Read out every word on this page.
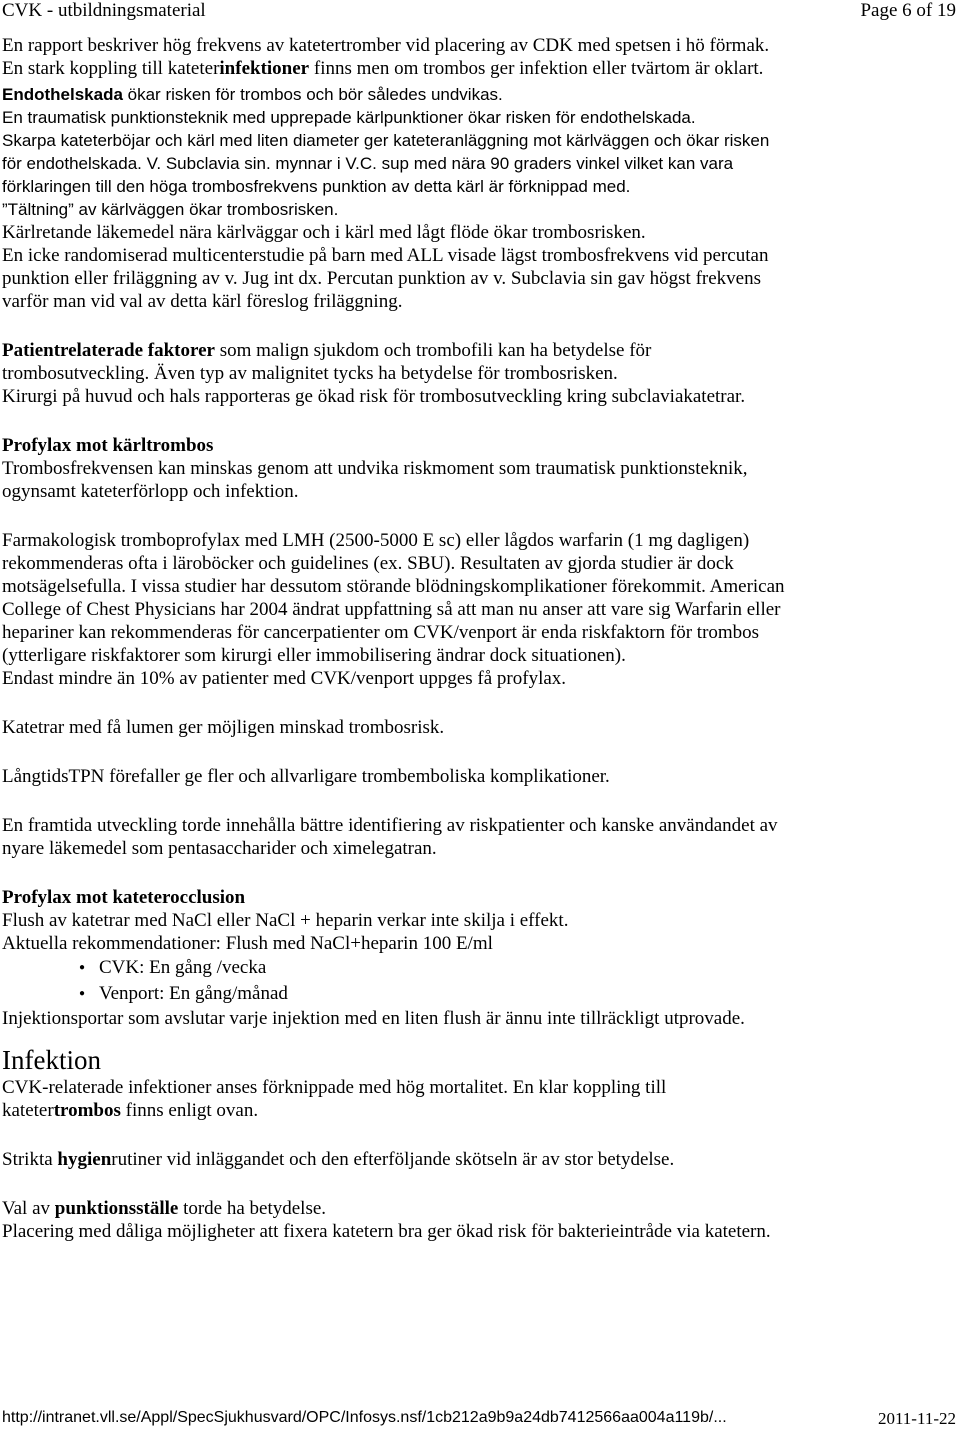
CVK - utbildningsmaterial	Page 6 of 19
En rapport beskriver hög frekvens av katetertromber vid placering av CDK med spetsen i hö förmak.
En stark koppling till kateterinfektioner finns men om trombos ger infektion eller tvärtom är oklart.
Endothelskada ökar risken för trombos och bör således undvikas.
En traumatisk punktionsteknik med upprepade kärlpunktioner ökar risken för endothelskada.
Skarpa kateterböjar och kärl med liten diameter ger kateteranläggning mot kärlväggen och ökar risken
för endothelskada. V. Subclavia sin. mynnar i V.C. sup med nära 90 graders vinkel vilket kan vara
förklaringen till den höga trombosfrekvens punktion av detta kärl är förknippad med.
”Tältning” av kärlväggen ökar trombosrisken.
Kärlretande läkemedel nära kärlväggar och i kärl med lågt flöde ökar trombosrisken.
En icke randomiserad multicenterstudie på barn med ALL visade lägst trombosfrekvens vid percutan
punktion eller friläggning av v. Jug int dx. Percutan punktion av v. Subclavia sin gav högst frekvens
varför man vid val av detta kärl föreslog friläggning.
Patientrelaterade faktorer som malign sjukdom och trombofili kan ha betydelse för
trombosutveckling. Även typ av malignitet tycks ha betydelse för trombosrisken.
Kirurgi på huvud och hals rapporteras ge ökad risk för trombosutveckling kring subclaviakatetrar.
Profylax mot kärltrombos
Trombosfrekvensen kan minskas genom att undvika riskmoment som traumatisk punktionsteknik,
ogynsamt kateterförlopp och infektion.
Farmakologisk tromboprofylax med LMH (2500-5000 E sc) eller lågdos warfarin (1 mg dagligen)
rekommenderas ofta i läroböcker och guidelines (ex. SBU). Resultaten av gjorda studier är dock
motsägelsefulla. I vissa studier har dessutom störande blödningskomplikationer förekommit. American
College of Chest Physicians har 2004 ändrat uppfattning så att man nu anser att vare sig Warfarin eller
hepariner kan rekommenderas för cancerpatienter om CVK/venport är enda riskfaktorn för trombos
(ytterligare riskfaktorer som kirurgi eller immobilisering ändrar dock situationen).
Endast mindre än 10% av patienter med CVK/venport uppges få profylax.
Katetrar med få lumen ger möjligen minskad trombosrisk.
LångtidsTPN förefaller ge fler och allvarligare trombemboliska komplikationer.
En framtida utveckling torde innehålla bättre identifiering av riskpatienter och kanske användandet av
nyare läkemedel som pentasaccharider och ximelegatran.
Profylax mot kateterocclusion
Flush av katetrar med NaCl eller NaCl + heparin verkar inte skilja i effekt.
Aktuella rekommendationer: Flush med NaCl+heparin 100 E/ml
● CVK: En gång /vecka
● Venport: En gång/månad
Injektionsportar som avslutar varje injektion med en liten flush är ännu inte tillräckligt utprovade.
Infektion
CVK-relaterade infektioner anses förknippade med hög mortalitet. En klar koppling till
katetertrombos finns enligt ovan.
Strikta hygienrutiner vid inläggandet och den efterföljande skötseln är av stor betydelse.
Val av punktionsställe torde ha betydelse.
Placering med dåliga möjligheter att fixera katetern bra ger ökad risk för bakterieintråde via katetern.
http://intranet.vll.se/Appl/SpecSjukhusvard/OPC/Infosys.nsf/1cb212a9b9a24db7412566aa004a119b/...	2011-11-22
